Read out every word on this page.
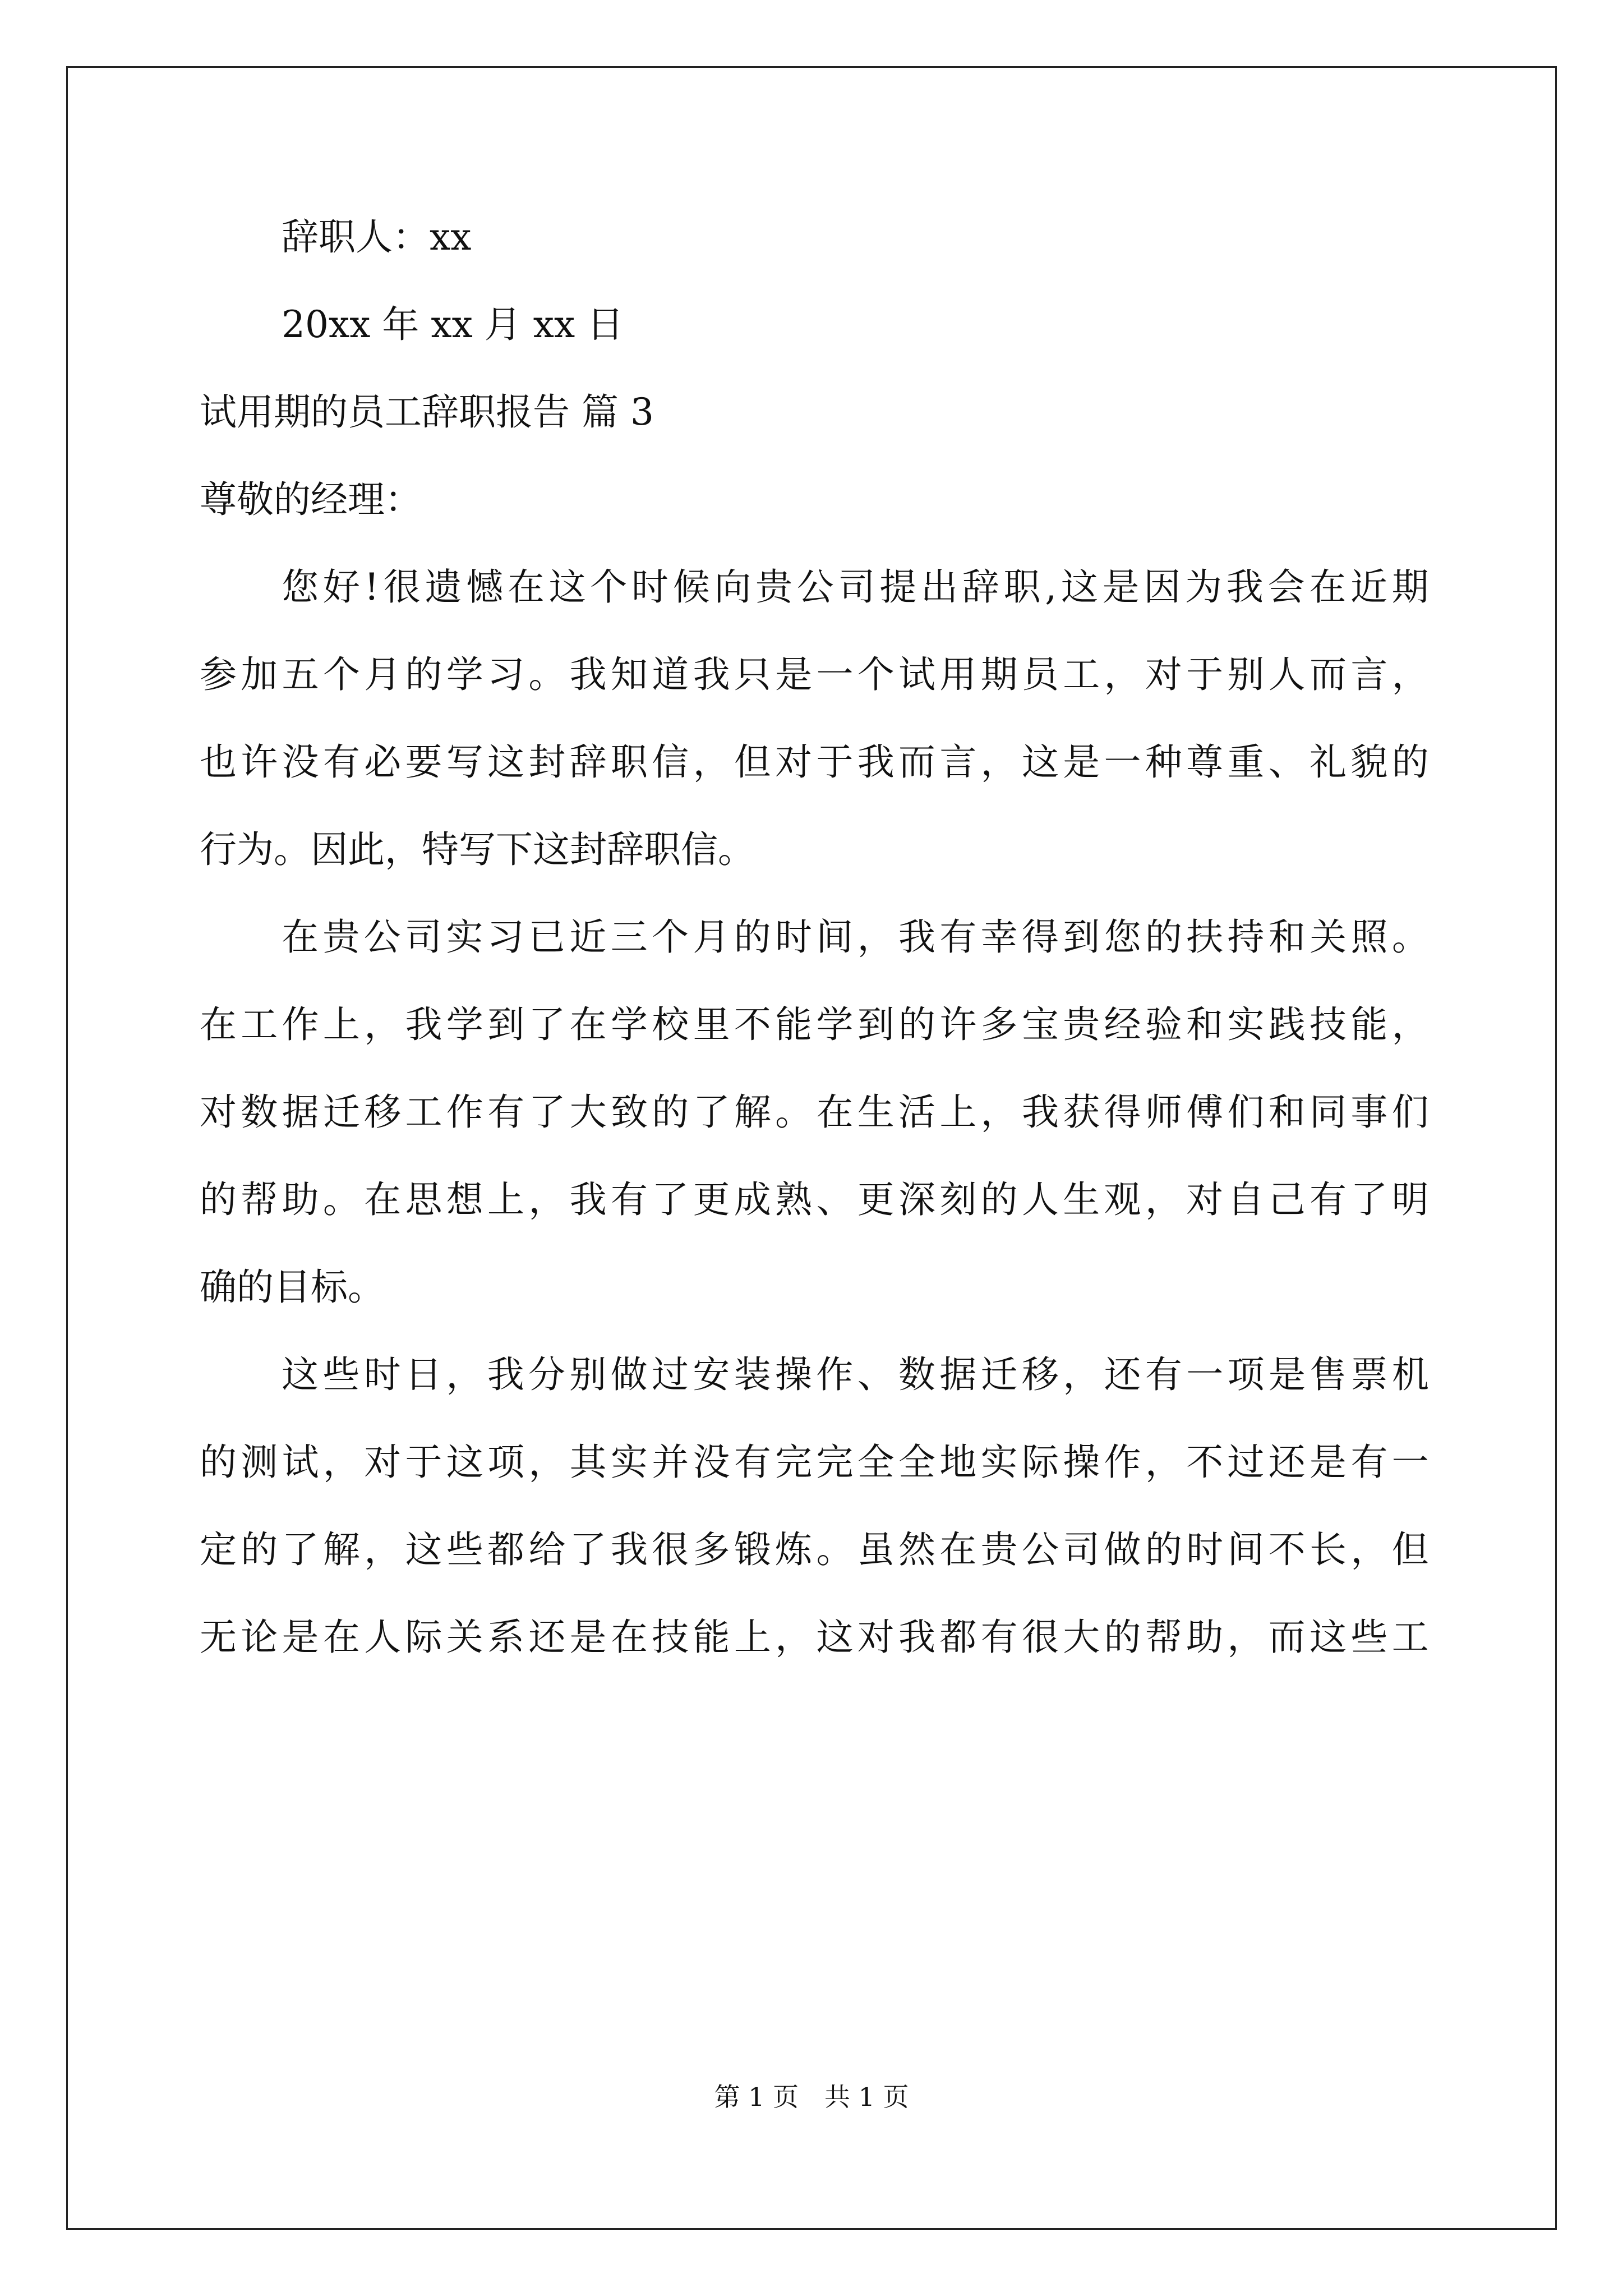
辞职人：xx
20xx 年 xx 月 xx 日
试用期的员工辞职报告 篇 3
尊敬的经理：
您 好 ! 很 遗 憾 在 这 个 时 候 向 贵 公 司 提 出 辞 职 , 这 是 因 为 我 会 在 近 期
参 加 五 个 月 的 学 习 。 我 知 道 我 只 是 一 个 试 用 期 员 工 ， 对 于 别 人 而 言 ，
也 许 没 有 必 要 写 这 封 辞 职 信 ， 但 对 于 我 而 言 ， 这 是 一 种 尊 重 、 礼 貌 的
行为。因此，特写下这封辞职信。
在 贵 公 司 实 习 已 近 三 个 月 的 时 间 ， 我 有 幸 得 到 您 的 扶 持 和 关 照 。
在 工 作 上 ， 我 学 到 了 在 学 校 里 不 能 学 到 的 许 多 宝 贵 经 验 和 实 践 技 能 ，
对 数 据 迁 移 工 作 有 了 大 致 的 了 解 。 在 生 活 上 ， 我 获 得 师 傅 们 和 同 事 们
的 帮 助 。 在 思 想 上 ， 我 有 了 更 成 熟 、 更 深 刻 的 人 生 观 ， 对 自 己 有 了 明
确的目标。
这 些 时 日 ， 我 分 别 做 过 安 装 操 作 、 数 据 迁 移 ， 还 有 一 项 是 售 票 机
的 测 试 ， 对 于 这 项 ， 其 实 并 没 有 完 完 全 全 地 实 际 操 作 ， 不 过 还 是 有 一
定 的 了 解 ， 这 些 都 给 了 我 很 多 锻 炼 。 虽 然 在 贵 公 司 做 的 时 间 不 长 ， 但
无 论 是 在 人 际 关 系 还 是 在 技 能 上 ， 这 对 我 都 有 很 大 的 帮 助 ， 而 这 些 工
第 1 页　共 1 页
